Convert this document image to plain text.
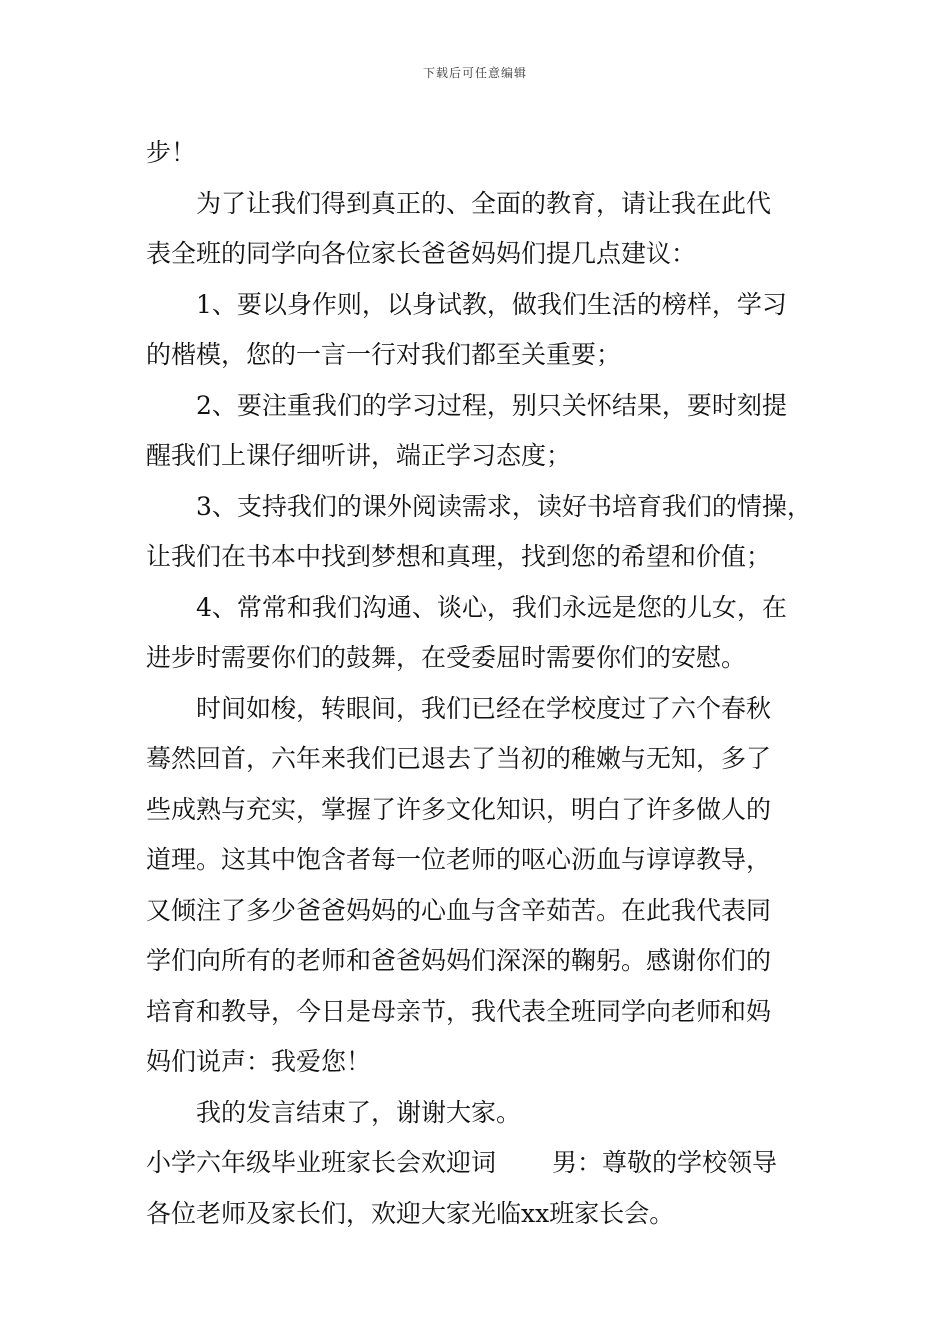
下载后可任意编辑
步！
为了让我们得到真正的、全面的教育，请让我在此代
表全班的同学向各位家长爸爸妈妈们提几点建议：
1、要以身作则，以身试教，做我们生活的榜样，学习
的楷模，您的一言一行对我们都至关重要；
2、要注重我们的学习过程，别只关怀结果，要时刻提
醒我们上课仔细听讲，端正学习态度；
3、支持我们的课外阅读需求，读好书培育我们的情操，
让我们在书本中找到梦想和真理，找到您的希望和价值；
4、常常和我们沟通、谈心，我们永远是您的儿女，在
进步时需要你们的鼓舞，在受委屈时需要你们的安慰。
时间如梭，转眼间，我们已经在学校度过了六个春秋
蓦然回首，六年来我们已退去了当初的稚嫩与无知，多了
些成熟与充实，掌握了许多文化知识，明白了许多做人的
道理。这其中饱含者每一位老师的呕心沥血与谆谆教导，
又倾注了多少爸爸妈妈的心血与含辛茹苦。在此我代表同
学们向所有的老师和爸爸妈妈们深深的鞠躬。感谢你们的
培育和教导，今日是母亲节，我代表全班同学向老师和妈
妈们说声：我爱您！
我的发言结束了，谢谢大家。
小学六年级毕业班家长会欢迎词 男：尊敬的学校领导
各位老师及家长们，欢迎大家光临xx班家长会。
